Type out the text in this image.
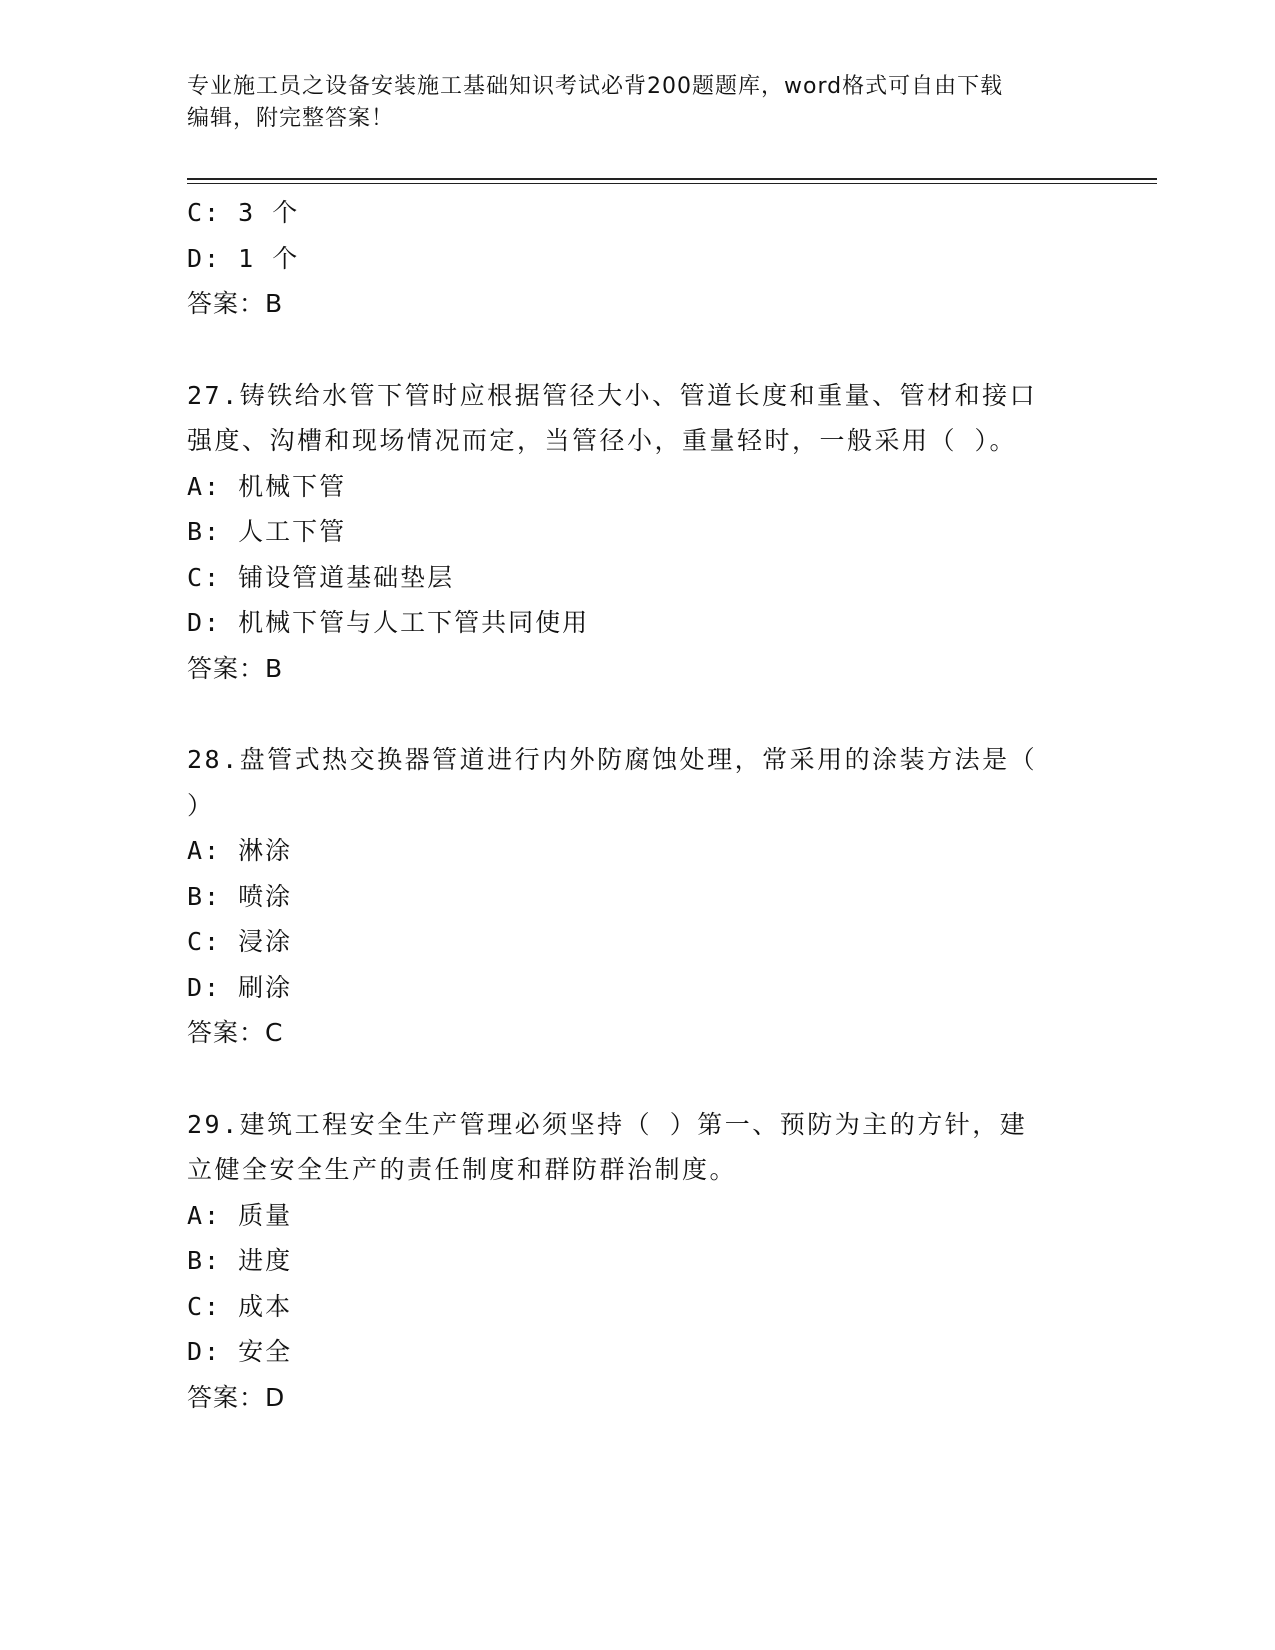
专业施工员之设备安装施工基础知识考试必背200题题库，word格式可自由下载
编辑，附完整答案！
C: 3 个
D: 1 个
答案：B
27.铸铁给水管下管时应根据管径大小、管道长度和重量、管材和接口
强度、沟槽和现场情况而定，当管径小，重量轻时，一般采用（ ）。
A: 机械下管
B: 人工下管
C: 铺设管道基础垫层
D: 机械下管与人工下管共同使用
答案：B
28.盘管式热交换器管道进行内外防腐蚀处理，常采用的涂装方法是（
）
A: 淋涂
B: 喷涂
C: 浸涂
D: 刷涂
答案：C
29.建筑工程安全生产管理必须坚持（ ）第一、预防为主的方针，建
立健全安全生产的责任制度和群防群治制度。
A: 质量
B: 进度
C: 成本
D: 安全
答案：D
